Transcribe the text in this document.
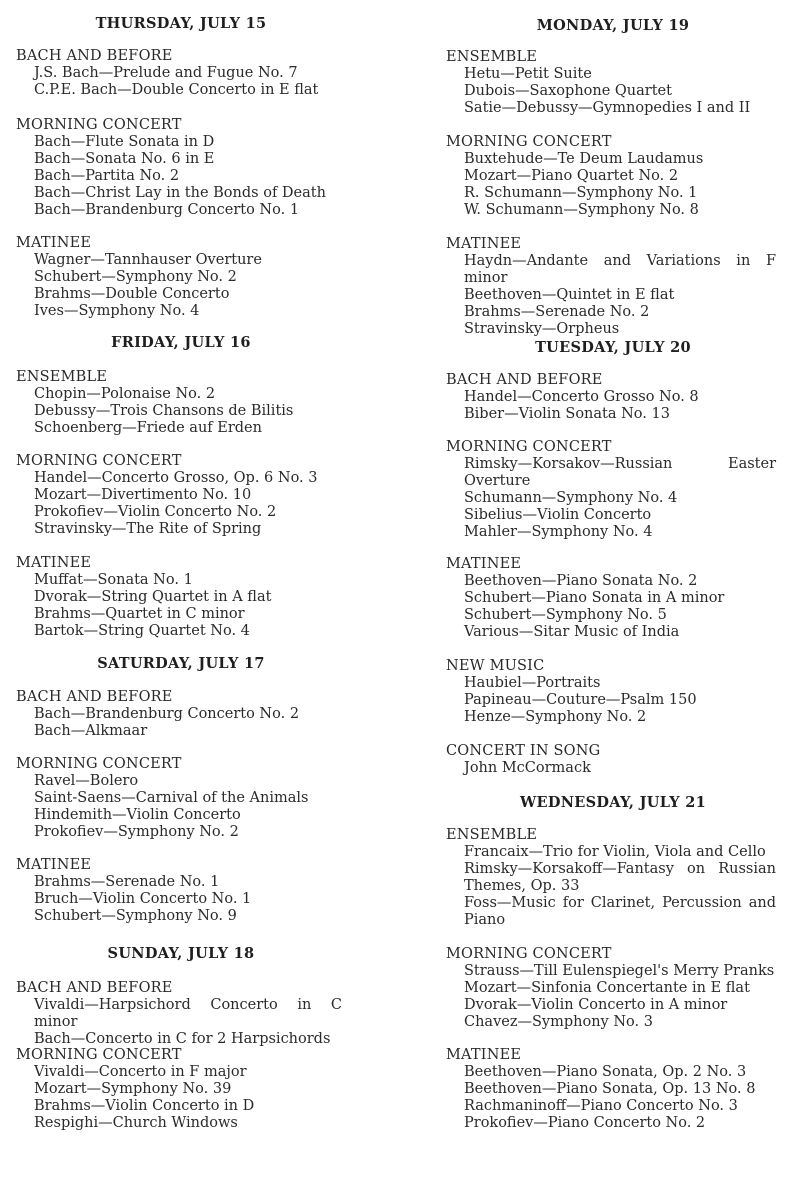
THURSDAY, JULY 15
BACH AND BEFORE
J.S. Bach—Prelude and Fugue No. 7
C.P.E. Bach—Double Concerto in E flat
MORNING CONCERT
Bach—Flute Sonata in D
Bach—Sonata No. 6 in E
Bach—Partita No. 2
Bach—Christ Lay in the Bonds of Death
Bach—Brandenburg Concerto No. 1
MATINEE
Wagner—Tannhauser Overture
Schubert—Symphony No. 2
Brahms—Double Concerto
Ives—Symphony No. 4
FRIDAY, JULY 16
ENSEMBLE
Chopin—Polonaise No. 2
Debussy—Trois Chansons de Bilitis
Schoenberg—Friede auf Erden
MORNING CONCERT
Handel—Concerto Grosso, Op. 6 No. 3
Mozart—Divertimento No. 10
Prokofiev—Violin Concerto No. 2
Stravinsky—The Rite of Spring
MATINEE
Muffat—Sonata No. 1
Dvorak—String Quartet in A flat
Brahms—Quartet in C minor
Bartok—String Quartet No. 4
SATURDAY, JULY 17
BACH AND BEFORE
Bach—Brandenburg Concerto No. 2
Bach—Alkmaar
MORNING CONCERT
Ravel—Bolero
Saint-Saens—Carnival of the Animals
Hindemith—Violin Concerto
Prokofiev—Symphony No. 2
MATINEE
Brahms—Serenade No. 1
Bruch—Violin Concerto No. 1
Schubert—Symphony No. 9
SUNDAY, JULY 18
BACH AND BEFORE
Vivaldi—Harpsichord Concerto in C minor
Bach—Concerto in C for 2 Harpsichords
MORNING CONCERT
Vivaldi—Concerto in F major
Mozart—Symphony No. 39
Brahms—Violin Concerto in D
Respighi—Church Windows
MONDAY, JULY 19
ENSEMBLE
Hetu—Petit Suite
Dubois—Saxophone Quartet
Satie—Debussy—Gymnopedies I and II
MORNING CONCERT
Buxtehude—Te Deum Laudamus
Mozart—Piano Quartet No. 2
R. Schumann—Symphony No. 1
W. Schumann—Symphony No. 8
MATINEE
Haydn—Andante and Variations in F minor
Beethoven—Quintet in E flat
Brahms—Serenade No. 2
Stravinsky—Orpheus
TUESDAY, JULY 20
BACH AND BEFORE
Handel—Concerto Grosso No. 8
Biber—Violin Sonata No. 13
MORNING CONCERT
Rimsky—Korsakov—Russian Easter Overture
Schumann—Symphony No. 4
Sibelius—Violin Concerto
Mahler—Symphony No. 4
MATINEE
Beethoven—Piano Sonata No. 2
Schubert—Piano Sonata in A minor
Schubert—Symphony No. 5
Various—Sitar Music of India
NEW MUSIC
Haubiel—Portraits
Papineau—Couture—Psalm 150
Henze—Symphony No. 2
CONCERT IN SONG
John McCormack
WEDNESDAY, JULY 21
ENSEMBLE
Francaix—Trio for Violin, Viola and Cello
Rimsky—Korsakoff—Fantasy on Russian Themes, Op. 33
Foss—Music for Clarinet, Percussion and Piano
MORNING CONCERT
Strauss—Till Eulenspiegel's Merry Pranks
Mozart—Sinfonia Concertante in E flat
Dvorak—Violin Concerto in A minor
Chavez—Symphony No. 3
MATINEE
Beethoven—Piano Sonata, Op. 2 No. 3
Beethoven—Piano Sonata, Op. 13 No. 8
Rachmaninoff—Piano Concerto No. 3
Prokofiev—Piano Concerto No. 2
